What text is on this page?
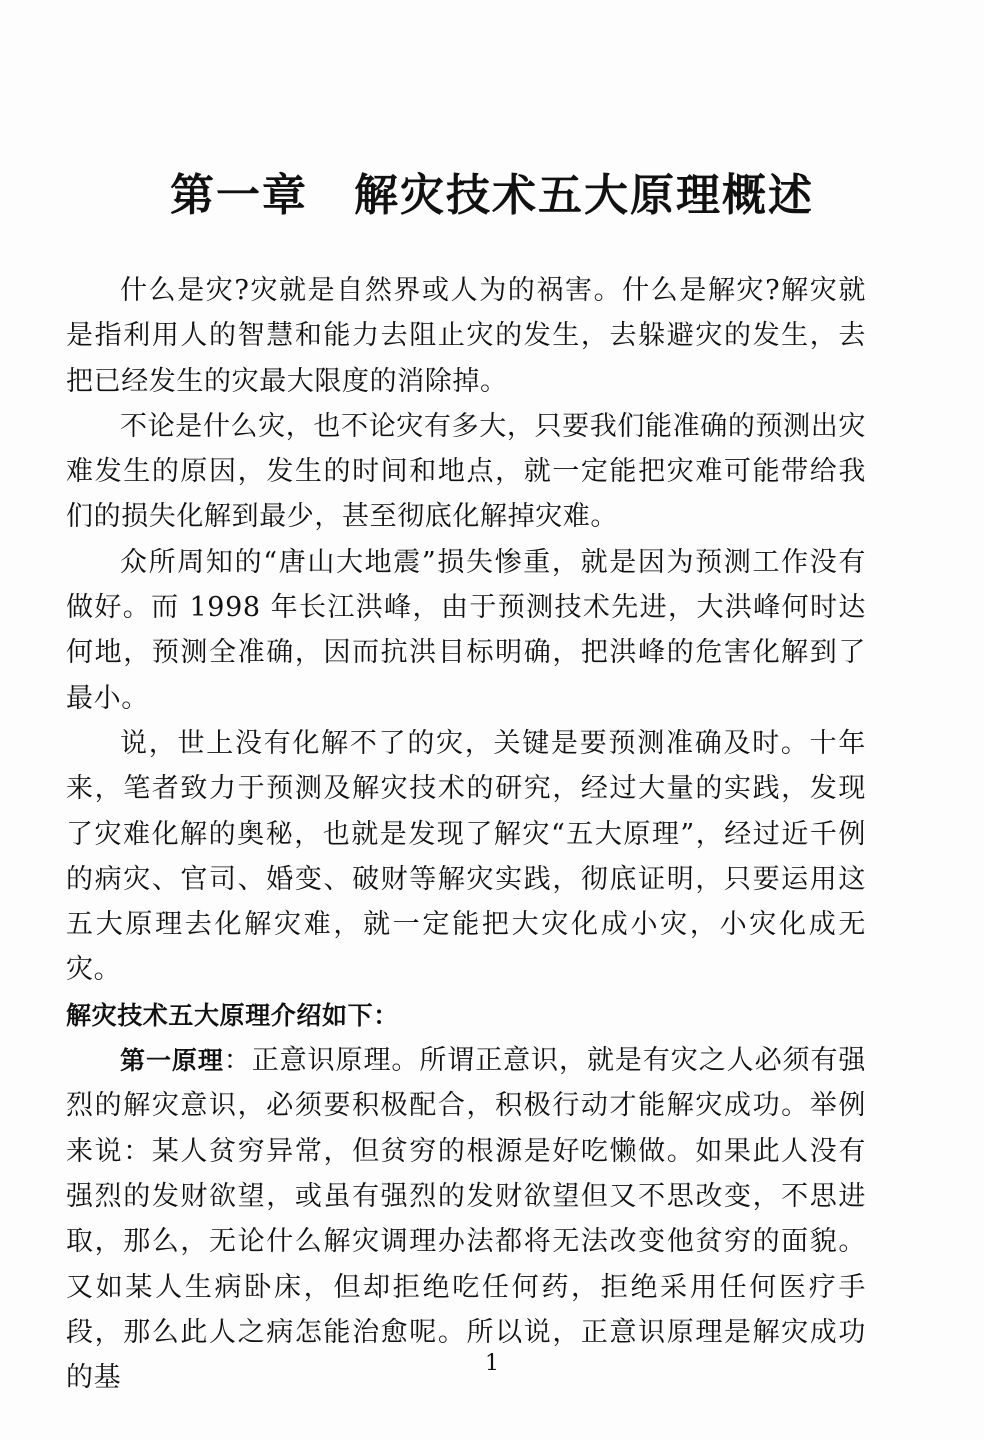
第一章　解灾技术五大原理概述

什么是灾?灾就是自然界或人为的祸害。什么是解灾?解灾就是指利用人的智慧和能力去阻止灾的发生，去躲避灾的发生，去把已经发生的灾最大限度的消除掉。

不论是什么灾，也不论灾有多大，只要我们能准确的预测出灾难发生的原因，发生的时间和地点，就一定能把灾难可能带给我们的损失化解到最少，甚至彻底化解掉灾难。

众所周知的“唐山大地震”损失惨重，就是因为预测工作没有做好。而 1998 年长江洪峰，由于预测技术先进，大洪峰何时达何地，预测全准确，因而抗洪目标明确，把洪峰的危害化解到了最小。

说，世上没有化解不了的灾，关键是要预测准确及时。十年来，笔者致力于预测及解灾技术的研究，经过大量的实践，发现了灾难化解的奥秘，也就是发现了解灾“五大原理”，经过近千例的病灾、官司、婚变、破财等解灾实践，彻底证明，只要运用这五大原理去化解灾难，就一定能把大灾化成小灾，小灾化成无灾。

解灾技术五大原理介绍如下：

第一原理：正意识原理。所谓正意识，就是有灾之人必须有强烈的解灾意识，必须要积极配合，积极行动才能解灾成功。举例来说：某人贫穷异常，但贫穷的根源是好吃懒做。如果此人没有强烈的发财欲望，或虽有强烈的发财欲望但又不思改变，不思进取，那么，无论什么解灾调理办法都将无法改变他贫穷的面貌。又如某人生病卧床，但却拒绝吃任何药，拒绝采用任何医疗手段，那么此人之病怎能治愈呢。所以说，正意识原理是解灾成功的基	1
